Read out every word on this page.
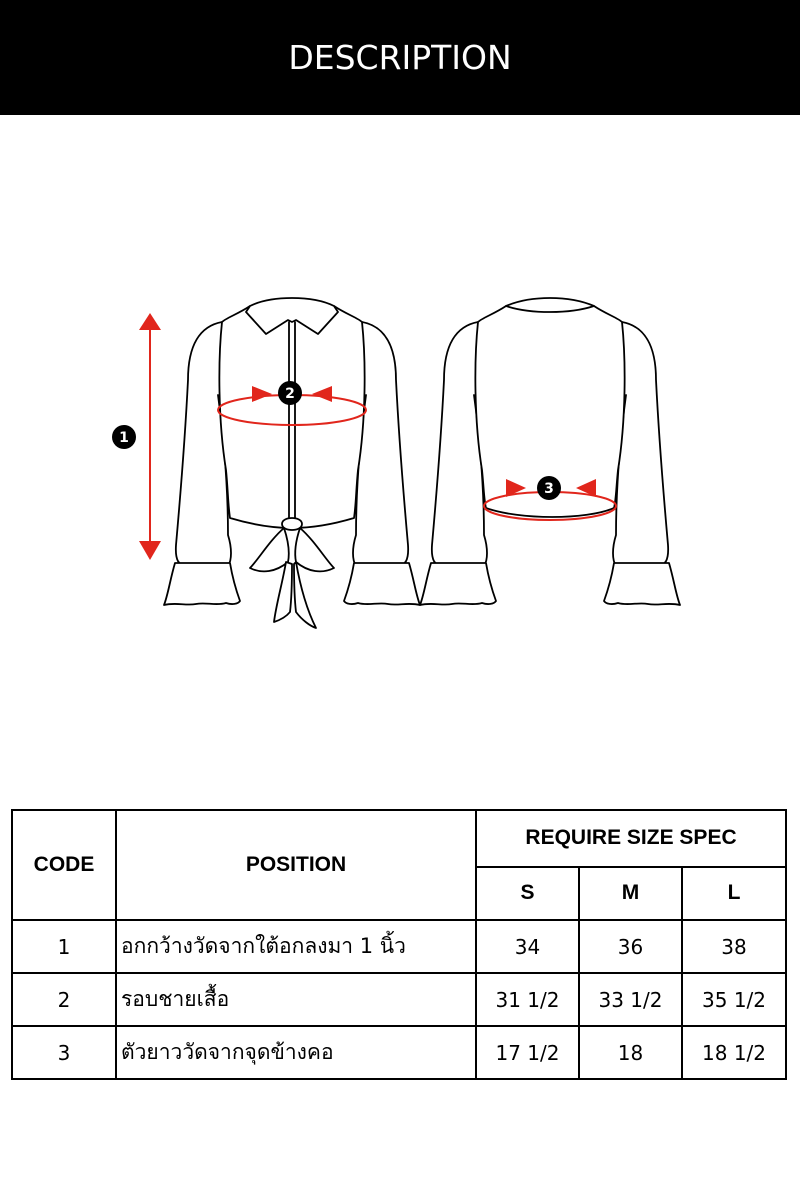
DESCRIPTION
1
2
3
CODE	POSITION	REQUIRE SIZE SPEC		
		S	M	L
1	อกกว้างวัดจากใต้อกลงมา 1 นิ้ว	34	36	38
2	รอบชายเสื้อ	31 1/2	33 1/2	35 1/2
3	ตัวยาววัดจากจุดข้างคอ	17 1/2	18	18 1/2
